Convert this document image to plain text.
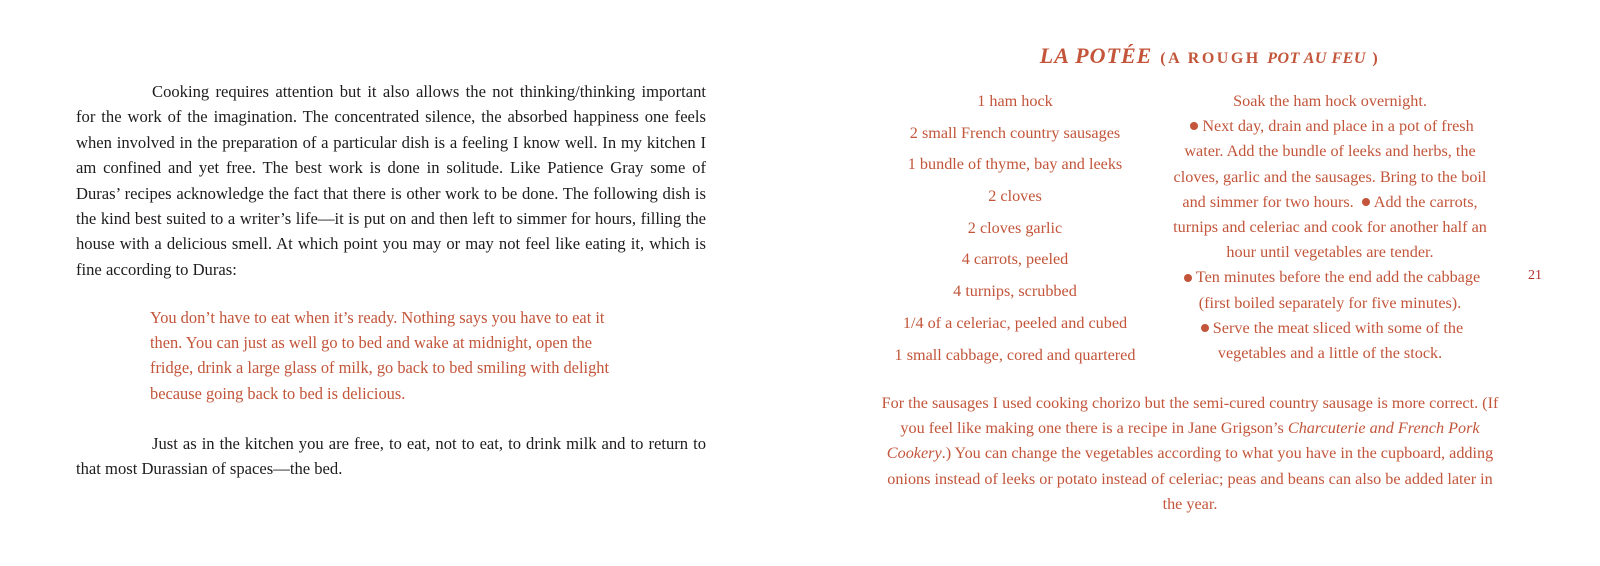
Cooking requires attention but it also allows the not thinking/thinking important for the work of the imagination. The concentrated silence, the absorbed happiness one feels when involved in the preparation of a particular dish is a feeling I know well. In my kitchen I am confined and yet free. The best work is done in solitude. Like Patience Gray some of Duras’ recipes acknowledge the fact that there is other work to be done. The following dish is the kind best suited to a writer’s life—it is put on and then left to simmer for hours, filling the house with a delicious smell. At which point you may or may not feel like eating it, which is fine according to Duras:

You don’t have to eat when it’s ready. Nothing says you have to eat it then. You can just as well go to bed and wake at midnight, open the fridge, drink a large glass of milk, go back to bed smiling with delight because going back to bed is delicious.

Just as in the kitchen you are free, to eat, not to eat, to drink milk and to return to that most Durassian of spaces—the bed.

LA POTÉE (A ROUGH POT AU FEU )
1 ham hock
2 small French country sausages
1 bundle of thyme, bay and leeks
2 cloves
2 cloves garlic
4 carrots, peeled
4 turnips, scrubbed
1/4 of a celeriac, peeled and cubed
1 small cabbage, cored and quartered

Soak the ham hock overnight.
Next day, drain and place in a pot of fresh water. Add the bundle of leeks and herbs, the cloves, garlic and the sausages. Bring to the boil and simmer for two hours. Add the carrots, turnips and celeriac and cook for another half an hour until vegetables are tender.
Ten minutes before the end add the cabbage (first boiled separately for five minutes).
Serve the meat sliced with some of the vegetables and a little of the stock.

For the sausages I used cooking chorizo but the semi-cured country sausage is more correct. (If you feel like making one there is a recipe in Jane Grigson’s Charcuterie and French Pork Cookery.) You can change the vegetables according to what you have in the cupboard, adding onions instead of leeks or potato instead of celeriac; peas and beans can also be added later in the year.

21
